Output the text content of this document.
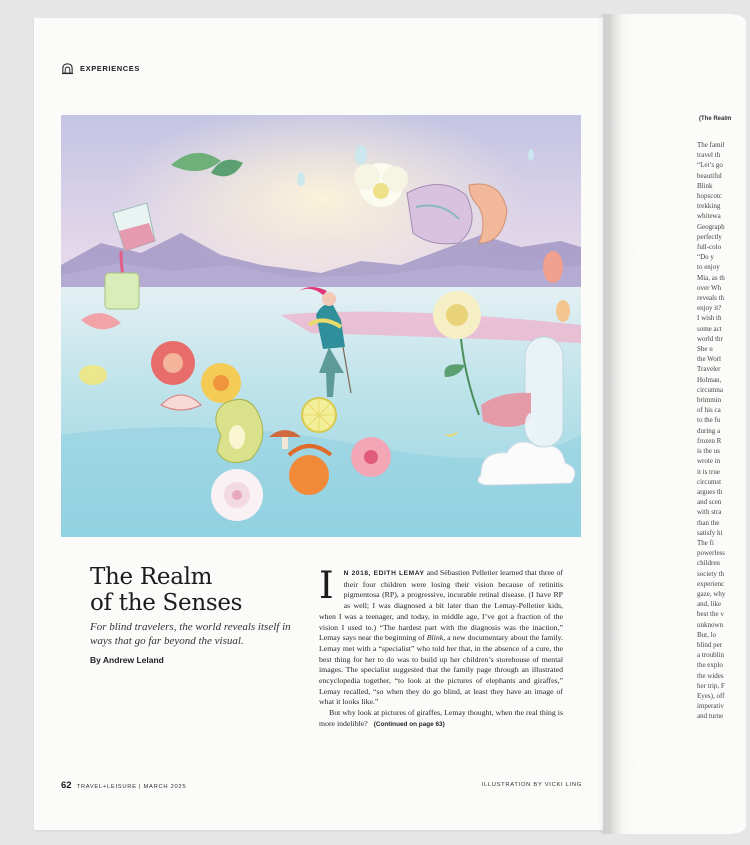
EXPERIENCES
The Realm
of the Senses
For blind travelers, the world reveals itself in ways that go far beyond the visual.
By Andrew Leland

I N 2018, EDITH LEMAY and Sébastien Pelletier learned that three of their four children were losing their vision because of retinitis pigmentosa (RP), a progressive, incurable retinal disease. (I have RP as well; I was diagnosed a bit later than the Lemay-Pelletier kids, when I was a teenager, and today, in middle age, I’ve got a fraction of the vision I used to.) “The hardest part with the diagnosis was the inaction,” Lemay says near the beginning of Blink, a new documentary about the family. Lemay met with a “specialist” who told her that, in the absence of a cure, the best thing for her to do was to build up her children’s storehouse of mental images. The specialist suggested that the family page through an illustrated encyclopedia together, “to look at the pictures of elephants and giraffes,” Lemay recalled, “so when they do go blind, at least they have an image of what it looks like.”

But why look at pictures of giraffes, Lemay thought, when the real thing is more indelible? (Continued on page 63)

62 TRAVEL+LEISURE | MARCH 2025	ILLUSTRATION BY VICKI LING
(The Realm
The famil
travel th
“Let’s go
beautiful
Blink
hopscotc
trekking
whitewa
Geograph
perfectly
full-colo
“Do y
to enjoy
Mia, as th
over Wh
reveals th
enjoy it?
I wish th
some act
world thr
She u
the Worl
Traveler
Holman,
circumna
brimmin
of his ca
to the fu
during a
frozen R
is the us
wrote in
it is true
circumst
argues th
and scen
with stra
than the
satisfy hi
The fi
powerless
children
society th
experienc
gaze, why
and, like
best the v
unknown
But, lo
blind per
a troublin
the explo
the wides
her trip, F
Eyes), off
imperativ
and turne
